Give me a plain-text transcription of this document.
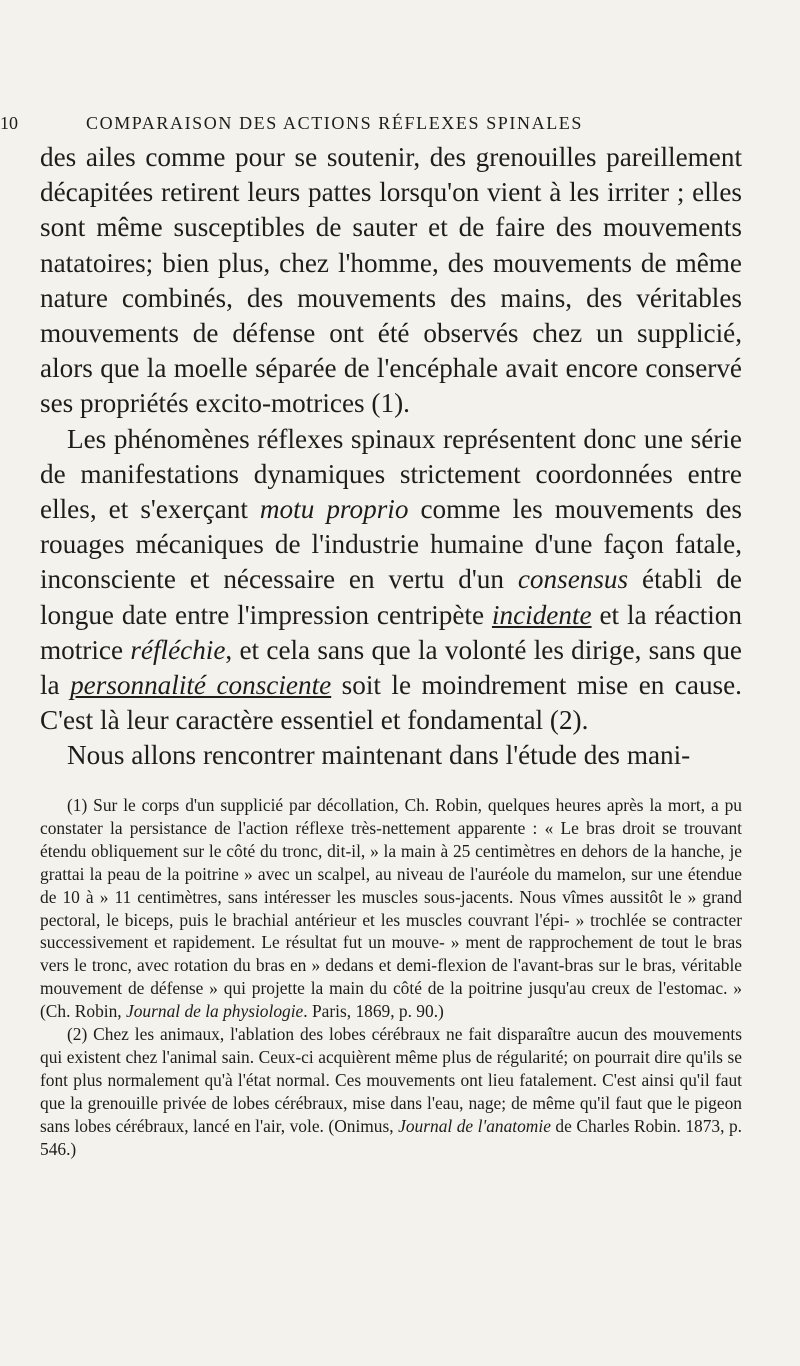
10	COMPARAISON DES ACTIONS RÉFLEXES SPINALES

des ailes comme pour se soutenir, des grenouilles pareillement décapitées retirent leurs pattes lorsqu'on vient à les irriter ; elles sont même susceptibles de sauter et de faire des mouvements natatoires; bien plus, chez l'homme, des mouvements de même nature combinés, des mouvements des mains, des véritables mouvements de défense ont été observés chez un supplicié, alors que la moelle séparée de l'encéphale avait encore conservé ses propriétés excito-motrices (1).

Les phénomènes réflexes spinaux représentent donc une série de manifestations dynamiques strictement coordonnées entre elles, et s'exerçant motu proprio comme les mouvements des rouages mécaniques de l'industrie humaine d'une façon fatale, inconsciente et nécessaire en vertu d'un consensus établi de longue date entre l'impression centripète incidente et la réaction motrice réfléchie, et cela sans que la volonté les dirige, sans que la personnalité consciente soit le moindrement mise en cause. C'est là leur caractère essentiel et fondamental (2).

Nous allons rencontrer maintenant dans l'étude des mani-

(1) Sur le corps d'un supplicié par décollation, Ch. Robin, quelques heures après la mort, a pu constater la persistance de l'action réflexe très-nettement apparente : « Le bras droit se trouvant étendu obliquement sur le côté du tronc, dit-il, » la main à 25 centimètres en dehors de la hanche, je grattai la peau de la poitrine » avec un scalpel, au niveau de l'auréole du mamelon, sur une étendue de 10 à » 11 centimètres, sans intéresser les muscles sous-jacents. Nous vîmes aussitôt le » grand pectoral, le biceps, puis le brachial antérieur et les muscles couvrant l'épi- » trochlée se contracter successivement et rapidement. Le résultat fut un mouve- » ment de rapprochement de tout le bras vers le tronc, avec rotation du bras en » dedans et demi-flexion de l'avant-bras sur le bras, véritable mouvement de défense » qui projette la main du côté de la poitrine jusqu'au creux de l'estomac. » (Ch. Robin, Journal de la physiologie. Paris, 1869, p. 90.)

(2) Chez les animaux, l'ablation des lobes cérébraux ne fait disparaître aucun des mouvements qui existent chez l'animal sain. Ceux-ci acquièrent même plus de régularité; on pourrait dire qu'ils se font plus normalement qu'à l'état normal. Ces mouvements ont lieu fatalement. C'est ainsi qu'il faut que la grenouille privée de lobes cérébraux, mise dans l'eau, nage; de même qu'il faut que le pigeon sans lobes cérébraux, lancé en l'air, vole. (Onimus, Journal de l'anatomie de Charles Robin. 1873, p. 546.)
